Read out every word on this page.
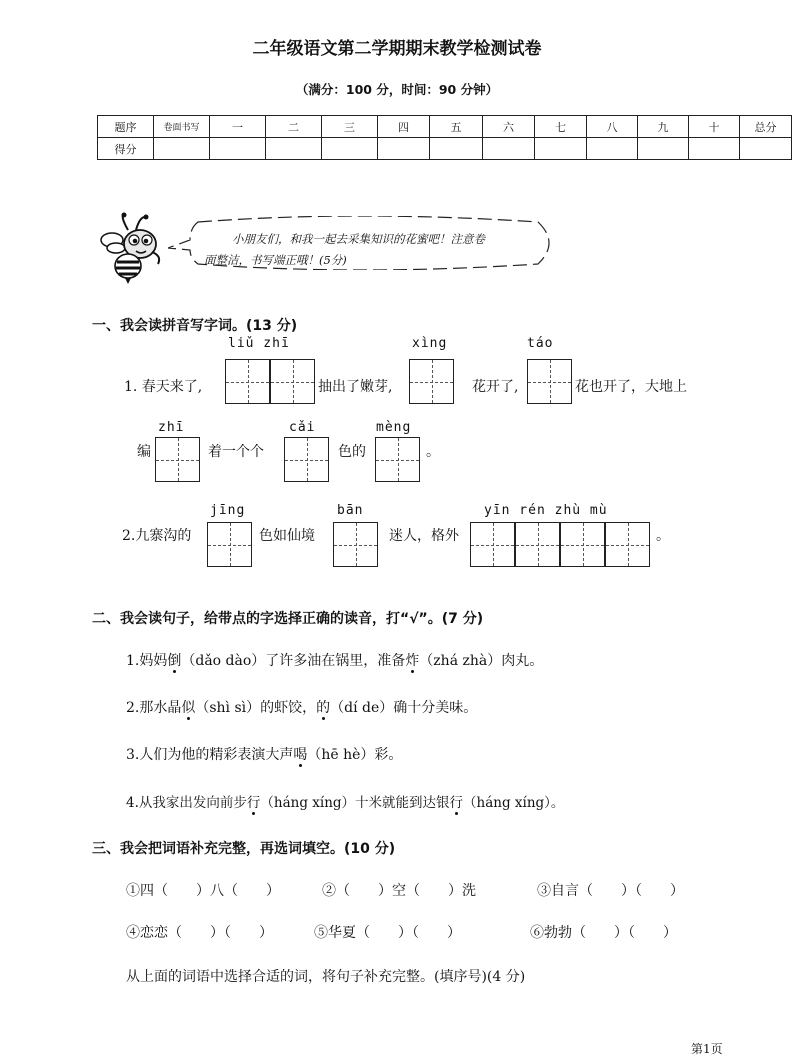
二年级语文第二学期期末教学检测试卷
（满分：100 分，时间：90 分钟）
题序	卷面书写	一	二	三	四	五	六	七	八	九	十	总分
得分												
小朋友们，和我一起去采集知识的花蜜吧！注意卷
面整洁，书写端正哦！(5分)
一、我会读拼音写字词。(13 分)
liǔ zhī	xìng	táo
1. 春天来了,	抽出了嫩芽,	花开了,	花也开了，大地上
zhī	cǎi	mèng
编	着一个个	色的	。
jīng	bān	yīn rén zhù mù
2.九寨沟的	色如仙境	迷人，格外	。
二、我会读句子，给带点的字选择正确的读音，打“√”。(7 分)
1.妈妈倒（dǎo dào）了许多油在锅里，准备炸（zhá zhà）肉丸。
2.那水晶似（shì sì）的虾饺，的（dí de）确十分美味。
3.人们为他的精彩表演大声喝（hē hè）彩。
4.从我家出发向前步行（háng xíng）十米就能到达银行（háng xíng）。
三、我会把词语补充完整，再选词填空。(10 分)
①四（　　）八（　　）	②（　　）空（　　）洗	③自言（　　）（　　）
④恋恋（　　）（　　）	⑤华夏（　　）（　　）	⑥勃勃（　　）（　　）
从上面的词语中选择合适的词，将句子补充完整。(填序号)(4 分)
第1页
